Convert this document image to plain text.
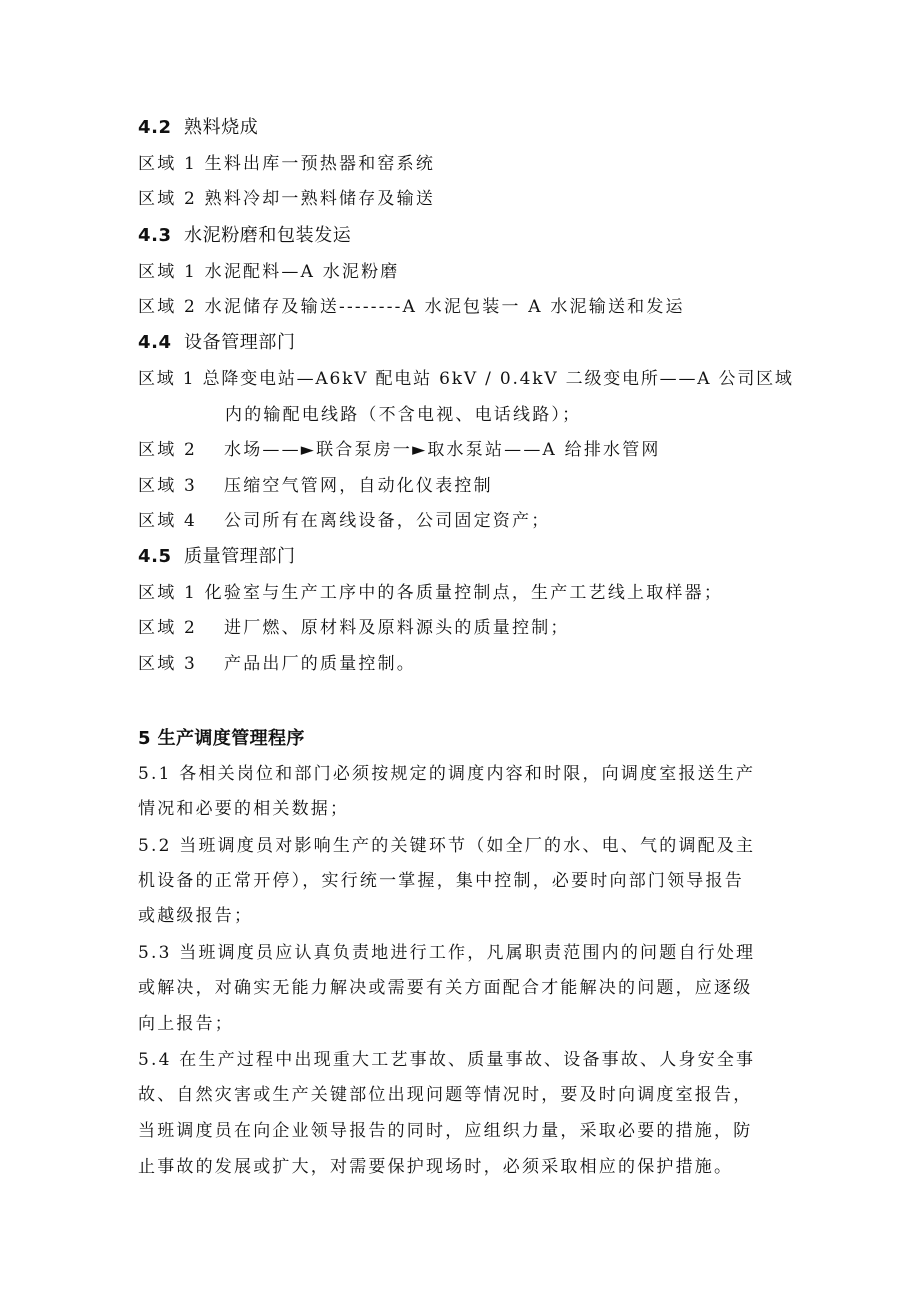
4.2 熟料烧成
区域 1 生料出库一预热器和窑系统
区域 2 熟料冷却一熟料储存及输送
4.3 水泥粉磨和包装发运
区域 1 水泥配料—A 水泥粉磨
区域 2 水泥储存及输送--------A 水泥包装一 A 水泥输送和发运
4.4 设备管理部门
区域 1 总降变电站—A6kV 配电站 6kV / 0.4kV 二级变电所——A 公司区域
内的输配电线路（不含电视、电话线路）；
区域 2 水场——►联合泵房一►取水泵站——A 给排水管网
区域 3 压缩空气管网，自动化仪表控制
区域 4 公司所有在离线设备，公司固定资产；
4.5 质量管理部门
区域 1 化验室与生产工序中的各质量控制点，生产工艺线上取样器；
区域 2 进厂燃、原材料及原料源头的质量控制；
区域 3 产品出厂的质量控制。
5 生产调度管理程序
5.1 各相关岗位和部门必须按规定的调度内容和时限，向调度室报送生产
情况和必要的相关数据；
5.2 当班调度员对影响生产的关键环节（如全厂的水、电、气的调配及主
机设备的正常开停），实行统一掌握，集中控制，必要时向部门领导报告
或越级报告；
5.3 当班调度员应认真负责地进行工作，凡属职责范围内的问题自行处理
或解决，对确实无能力解决或需要有关方面配合才能解决的问题，应逐级
向上报告；
5.4 在生产过程中出现重大工艺事故、质量事故、设备事故、人身安全事
故、自然灾害或生产关键部位出现问题等情况时，要及时向调度室报告，
当班调度员在向企业领导报告的同时，应组织力量，采取必要的措施，防
止事故的发展或扩大，对需要保护现场时，必须采取相应的保护措施。
